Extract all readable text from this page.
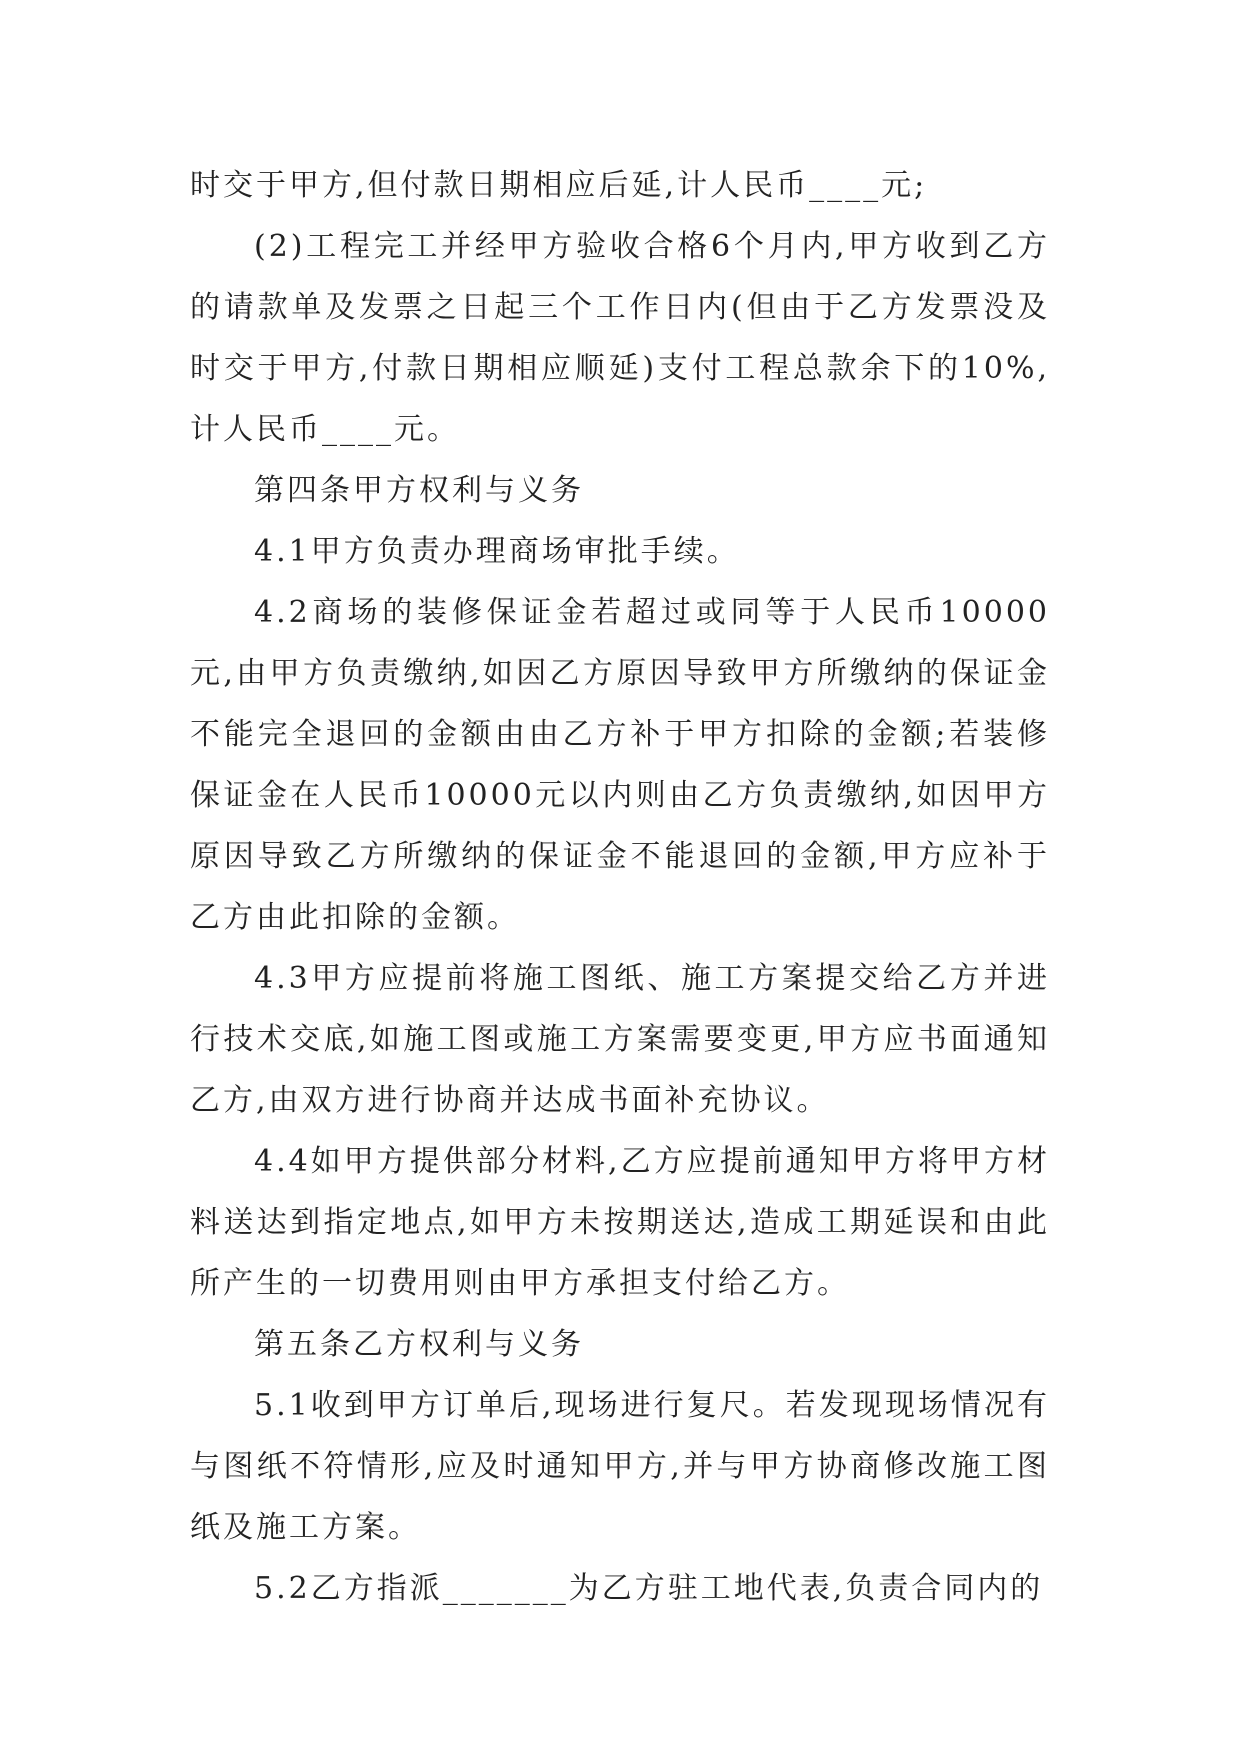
时交于甲方,但付款日期相应后延,计人民币____元;

(2)工程完工并经甲方验收合格6个月内,甲方收到乙方的请款单及发票之日起三个工作日内(但由于乙方发票没及时交于甲方,付款日期相应顺延)支付工程总款余下的10%,计人民币____元。

第四条甲方权利与义务

4.1甲方负责办理商场审批手续。

4.2商场的装修保证金若超过或同等于人民币10000元,由甲方负责缴纳,如因乙方原因导致甲方所缴纳的保证金不能完全退回的金额由由乙方补于甲方扣除的金额;若装修保证金在人民币10000元以内则由乙方负责缴纳,如因甲方原因导致乙方所缴纳的保证金不能退回的金额,甲方应补于乙方由此扣除的金额。

4.3甲方应提前将施工图纸、施工方案提交给乙方并进行技术交底,如施工图或施工方案需要变更,甲方应书面通知乙方,由双方进行协商并达成书面补充协议。

4.4如甲方提供部分材料,乙方应提前通知甲方将甲方材料送达到指定地点,如甲方未按期送达,造成工期延误和由此所产生的一切费用则由甲方承担支付给乙方。

第五条乙方权利与义务

5.1收到甲方订单后,现场进行复尺。若发现现场情况有与图纸不符情形,应及时通知甲方,并与甲方协商修改施工图纸及施工方案。

5.2乙方指派_______为乙方驻工地代表,负责合同内的
